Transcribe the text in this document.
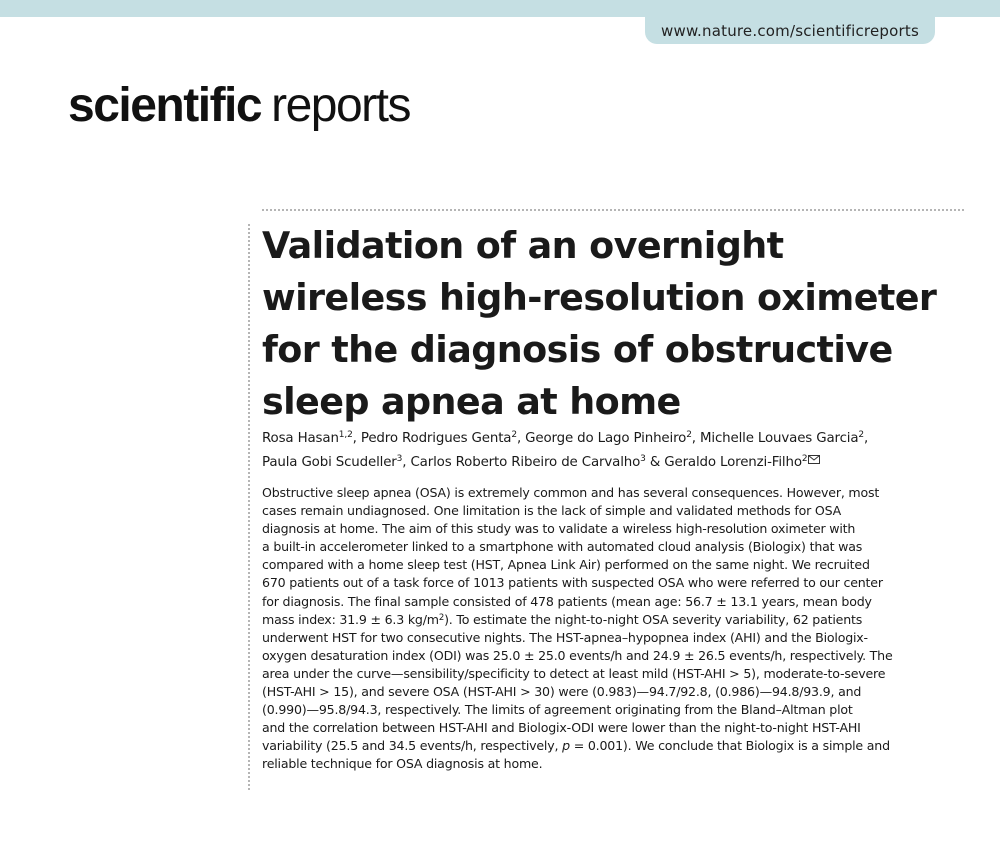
www.nature.com/scientificreports
scientific reports
Validation of an overnight
wireless high-resolution oximeter
for the diagnosis of obstructive
sleep apnea at home
Rosa Hasan$^{1,2}$, Pedro Rodrigues Genta$^2$, George do Lago Pinheiro$^2$, Michelle Louvaes Garcia$^2$,
Paula Gobi Scudeller$^3$, Carlos Roberto Ribeiro de Carvalho$^3$ & Geraldo Lorenzi-Filho$^2$
Obstructive sleep apnea (OSA) is extremely common and has several consequences. However, most
cases remain undiagnosed. One limitation is the lack of simple and validated methods for OSA
diagnosis at home. The aim of this study was to validate a wireless high-resolution oximeter with
a built-in accelerometer linked to a smartphone with automated cloud analysis (Biologix) that was
compared with a home sleep test (HST, Apnea Link Air) performed on the same night. We recruited
670 patients out of a task force of 1013 patients with suspected OSA who were referred to our center
for diagnosis. The final sample consisted of 478 patients (mean age: 56.7 ± 13.1 years, mean body
mass index: 31.9 ± 6.3 $kg/m^2$). To estimate the night-to-night OSA severity variability, 62 patients
underwent HST for two consecutive nights. The HST-apnea–hypopnea index (AHI) and the Biologix-
oxygen desaturation index (ODI) was 25.0 ± 25.0 events/h and 24.9 ± 26.5 events/h, respectively. The
area under the curve—sensibility/specificity to detect at least mild (HST-AHI > 5), moderate-to-severe
(HST-AHI > 15), and severe OSA (HST-AHI > 30) were (0.983)—94.7/92.8, (0.986)—94.8/93.9, and
(0.990)—95.8/94.3, respectively. The limits of agreement originating from the Bland–Altman plot
and the correlation between HST-AHI and Biologix-ODI were lower than the night-to-night HST-AHI
variability (25.5 and 34.5 events/h, respectively, p = 0.001). We conclude that Biologix is a simple and
reliable technique for OSA diagnosis at home.
